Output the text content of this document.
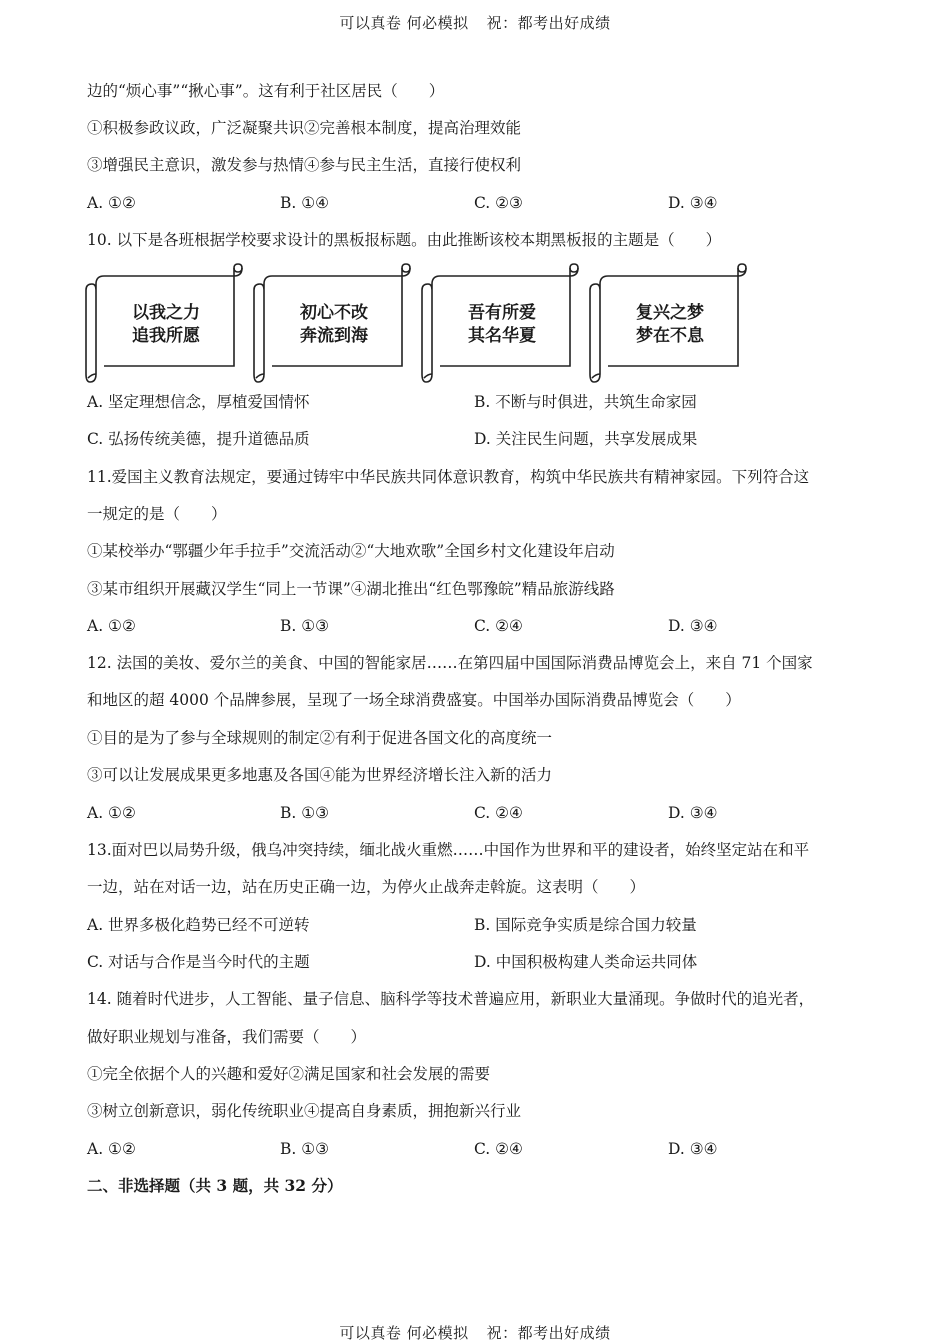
可以真卷 何必模拟 祝：都考出好成绩
边的“烦心事”“揪心事”。这有利于社区居民（　　）
①积极参政议政，广泛凝聚共识②完善根本制度，提高治理效能
③增强民主意识，激发参与热情④参与民主生活，直接行使权利
A. ①②	B. ①④	C. ②③	D. ③④
10. 以下是各班根据学校要求设计的黑板报标题。由此推断该校本期黑板报的主题是（　　）
以我之力
追我所愿
初心不改
奔流到海
吾有所爱
其名华夏
复兴之梦
梦在不息
A. 坚定理想信念，厚植爱国情怀	B. 不断与时俱进，共筑生命家园
C. 弘扬传统美德，提升道德品质	D. 关注民生问题，共享发展成果
11.爱国主义教育法规定，要通过铸牢中华民族共同体意识教育，构筑中华民族共有精神家园。下列符合这
一规定的是（　　）
①某校举办“鄂疆少年手拉手”交流活动②“大地欢歌”全国乡村文化建设年启动
③某市组织开展藏汉学生“同上一节课”④湖北推出“红色鄂豫皖”精品旅游线路
A. ①②	B. ①③	C. ②④	D. ③④
12. 法国的美妆、爱尔兰的美食、中国的智能家居……在第四届中国国际消费品博览会上，来自 71 个国家
和地区的超 4000 个品牌参展，呈现了一场全球消费盛宴。中国举办国际消费品博览会（　　）
①目的是为了参与全球规则的制定②有利于促进各国文化的高度统一
③可以让发展成果更多地惠及各国④能为世界经济增长注入新的活力
A. ①②	B. ①③	C. ②④	D. ③④
13.面对巴以局势升级，俄乌冲突持续，缅北战火重燃……中国作为世界和平的建设者，始终坚定站在和平
一边，站在对话一边，站在历史正确一边，为停火止战奔走斡旋。这表明（　　）
A. 世界多极化趋势已经不可逆转	B. 国际竞争实质是综合国力较量
C. 对话与合作是当今时代的主题	D. 中国积极构建人类命运共同体
14. 随着时代进步，人工智能、量子信息、脑科学等技术普遍应用，新职业大量涌现。争做时代的追光者，
做好职业规划与准备，我们需要（　　）
①完全依据个人的兴趣和爱好②满足国家和社会发展的需要
③树立创新意识，弱化传统职业④提高自身素质，拥抱新兴行业
A. ①②	B. ①③	C. ②④	D. ③④
二、非选择题（共 3 题，共 32 分）
可以真卷 何必模拟 祝：都考出好成绩
